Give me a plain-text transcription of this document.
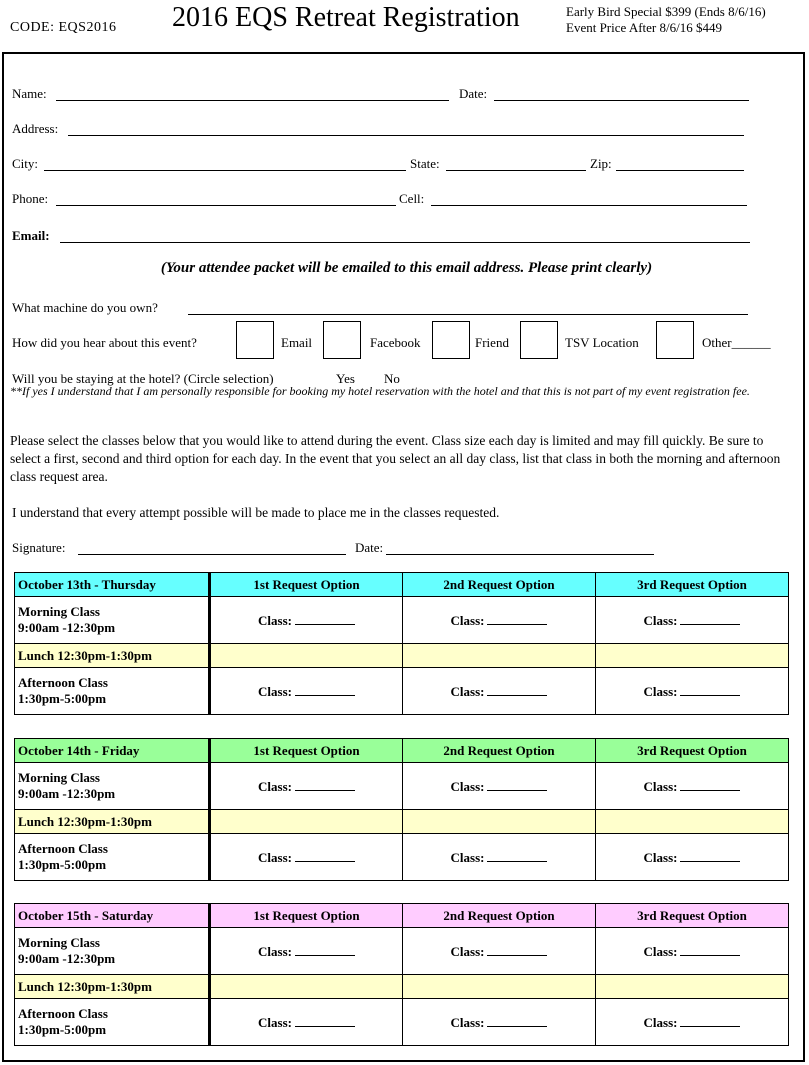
CODE: EQS2016 2016 EQS Retreat Registration	Early Bird Special $399 (Ends 8/6/16)
Event Price After 8/6/16 $449
Name:	Date:
Address:
City:	State:	Zip:
Phone:	Cell:
Email:
(Your attendee packet will be emailed to this email address. Please print clearly)
What machine do you own?
How did you hear about this event?	Email	Facebook	Friend	TSV Location	Other______
Will you be staying at the hotel? (Circle selection)	Yes No
**If yes I understand that I am personally responsible for booking my hotel reservation with the hotel and that this is not part of my event registration fee.
Please select the classes below that you would like to attend during the event. Class size each day is limited and may fill quickly. Be sure to select a first, second and third option for each day. In the event that you select an all day class, list that class in both the morning and afternoon class request area.
I understand that every attempt possible will be made to place me in the classes requested.
Signature:	Date:
October 13th - Thursday	1st Request Option	2nd Request Option	3rd Request Option

Morning Class
9:00am -12:30pm	Class:	Class:	Class:
Lunch 12:30pm-1:30pm			

Afternoon Class
1:30pm-5:00pm	Class:	Class:	Class:
October 14th - Friday	1st Request Option	2nd Request Option	3rd Request Option

Morning Class
9:00am -12:30pm	Class:	Class:	Class:
Lunch 12:30pm-1:30pm			

Afternoon Class
1:30pm-5:00pm	Class:	Class:	Class:
October 15th - Saturday	1st Request Option	2nd Request Option	3rd Request Option

Morning Class
9:00am -12:30pm	Class:	Class:	Class:
Lunch 12:30pm-1:30pm			

Afternoon Class
1:30pm-5:00pm	Class:	Class:	Class:
